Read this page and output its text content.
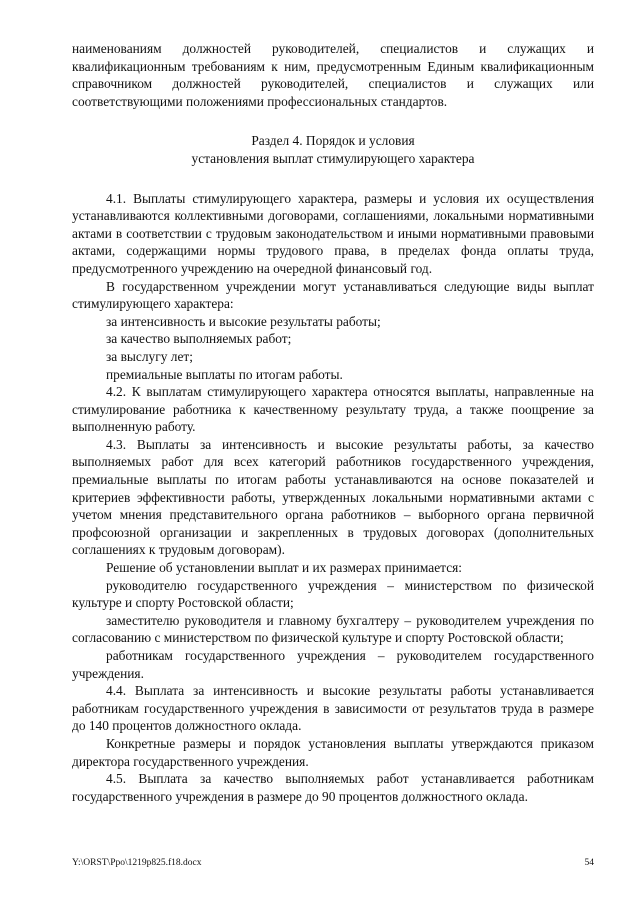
наименованиям должностей руководителей, специалистов и служащих и квалификационным требованиям к ним, предусмотренным Единым квалификационным справочником должностей руководителей, специалистов и служащих или соответствующими положениями профессиональных стандартов.

Раздел 4. Порядок и условия

установления выплат стимулирующего характера

4.1. Выплаты стимулирующего характера, размеры и условия их осуществления устанавливаются коллективными договорами, соглашениями, локальными нормативными актами в соответствии с трудовым законодательством и иными нормативными правовыми актами, содержащими нормы трудового права, в пределах фонда оплаты труда, предусмотренного учреждению на очередной финансовый год.

В государственном учреждении могут устанавливаться следующие виды выплат стимулирующего характера:

за интенсивность и высокие результаты работы;

за качество выполняемых работ;

за выслугу лет;

премиальные выплаты по итогам работы.

4.2. К выплатам стимулирующего характера относятся выплаты, направленные на стимулирование работника к качественному результату труда, а также поощрение за выполненную работу.

4.3. Выплаты за интенсивность и высокие результаты работы, за качество выполняемых работ для всех категорий работников государственного учреждения, премиальные выплаты по итогам работы устанавливаются на основе показателей и критериев эффективности работы, утвержденных локальными нормативными актами с учетом мнения представительного органа работников – выборного органа первичной профсоюзной организации и закрепленных в трудовых договорах (дополнительных соглашениях к трудовым договорам).

Решение об установлении выплат и их размерах принимается:

руководителю государственного учреждения – министерством по физической культуре и спорту Ростовской области;

заместителю руководителя и главному бухгалтеру – руководителем учреждения по согласованию с министерством по физической культуре и спорту Ростовской области;

работникам государственного учреждения – руководителем государственного учреждения.

4.4. Выплата за интенсивность и высокие результаты работы устанавливается работникам государственного учреждения в зависимости от результатов труда в размере до 140 процентов должностного оклада.

Конкретные размеры и порядок установления выплаты утверждаются приказом директора государственного учреждения.

4.5. Выплата за качество выполняемых работ устанавливается работникам государственного учреждения в размере до 90 процентов должностного оклада.

Y:\ORST\Ppo\1219p825.f18.docx	54
